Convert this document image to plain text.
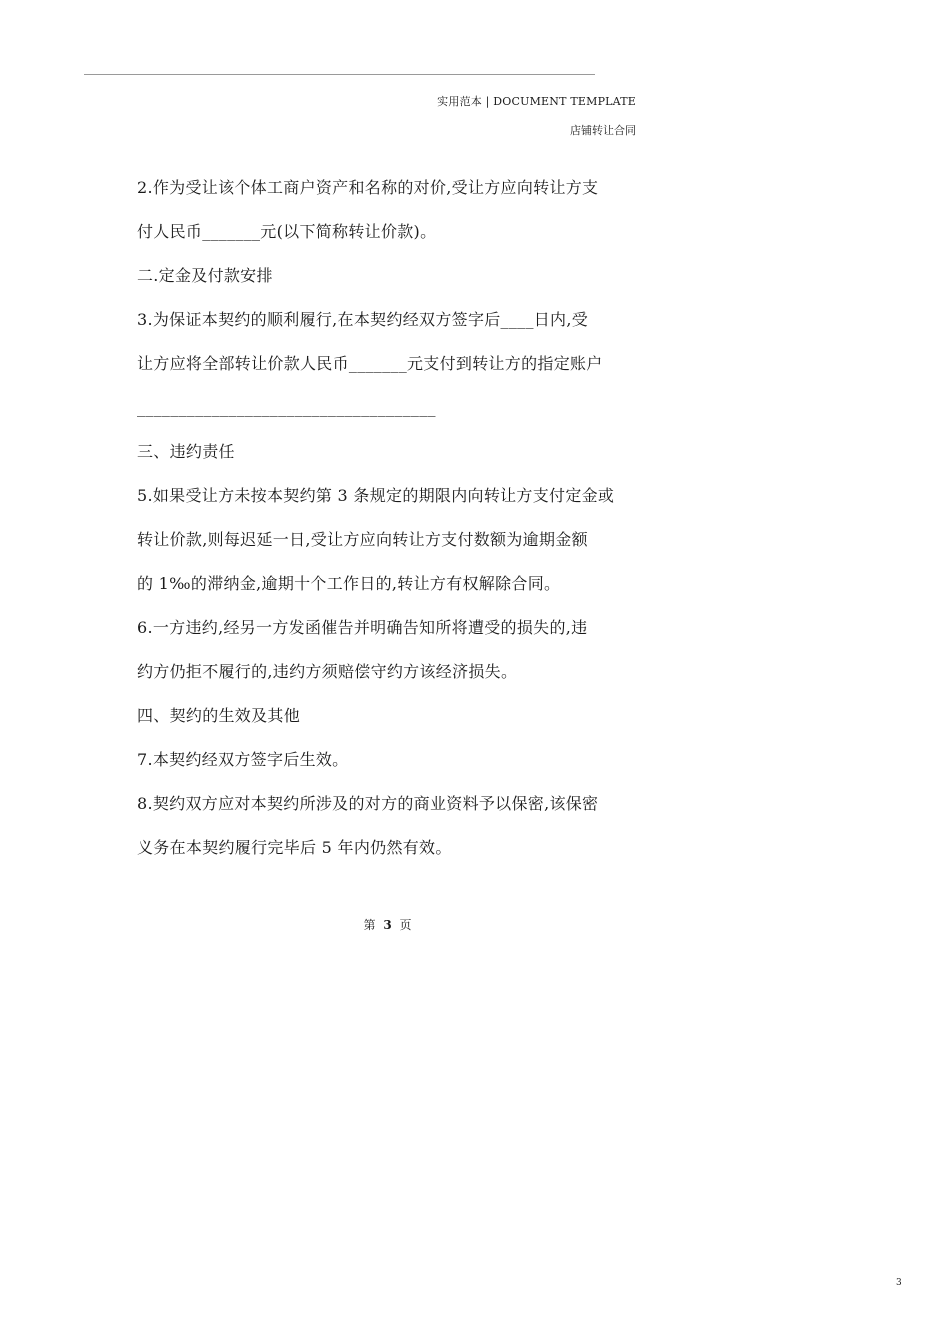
实用范本 | DOCUMENT TEMPLATE
店铺转让合同
2.作为受让该个体工商户资产和名称的对价,受让方应向转让方支
付人民币_______元(以下简称转让价款)。
二.定金及付款安排
3.为保证本契约的顺利履行,在本契约经双方签字后____日内,受
让方应将全部转让价款人民币_______元支付到转让方的指定账户
____________________________________
三、违约责任
5.如果受让方未按本契约第 3 条规定的期限内向转让方支付定金或
转让价款,则每迟延一日,受让方应向转让方支付数额为逾期金额
的 1‰的滞纳金,逾期十个工作日的,转让方有权解除合同。
6.一方违约,经另一方发函催告并明确告知所将遭受的损失的,违
约方仍拒不履行的,违约方须赔偿守约方该经济损失。
四、契约的生效及其他
7.本契约经双方签字后生效。
8.契约双方应对本契约所涉及的对方的商业资料予以保密,该保密
义务在本契约履行完毕后 5 年内仍然有效。
第 3 页
3
